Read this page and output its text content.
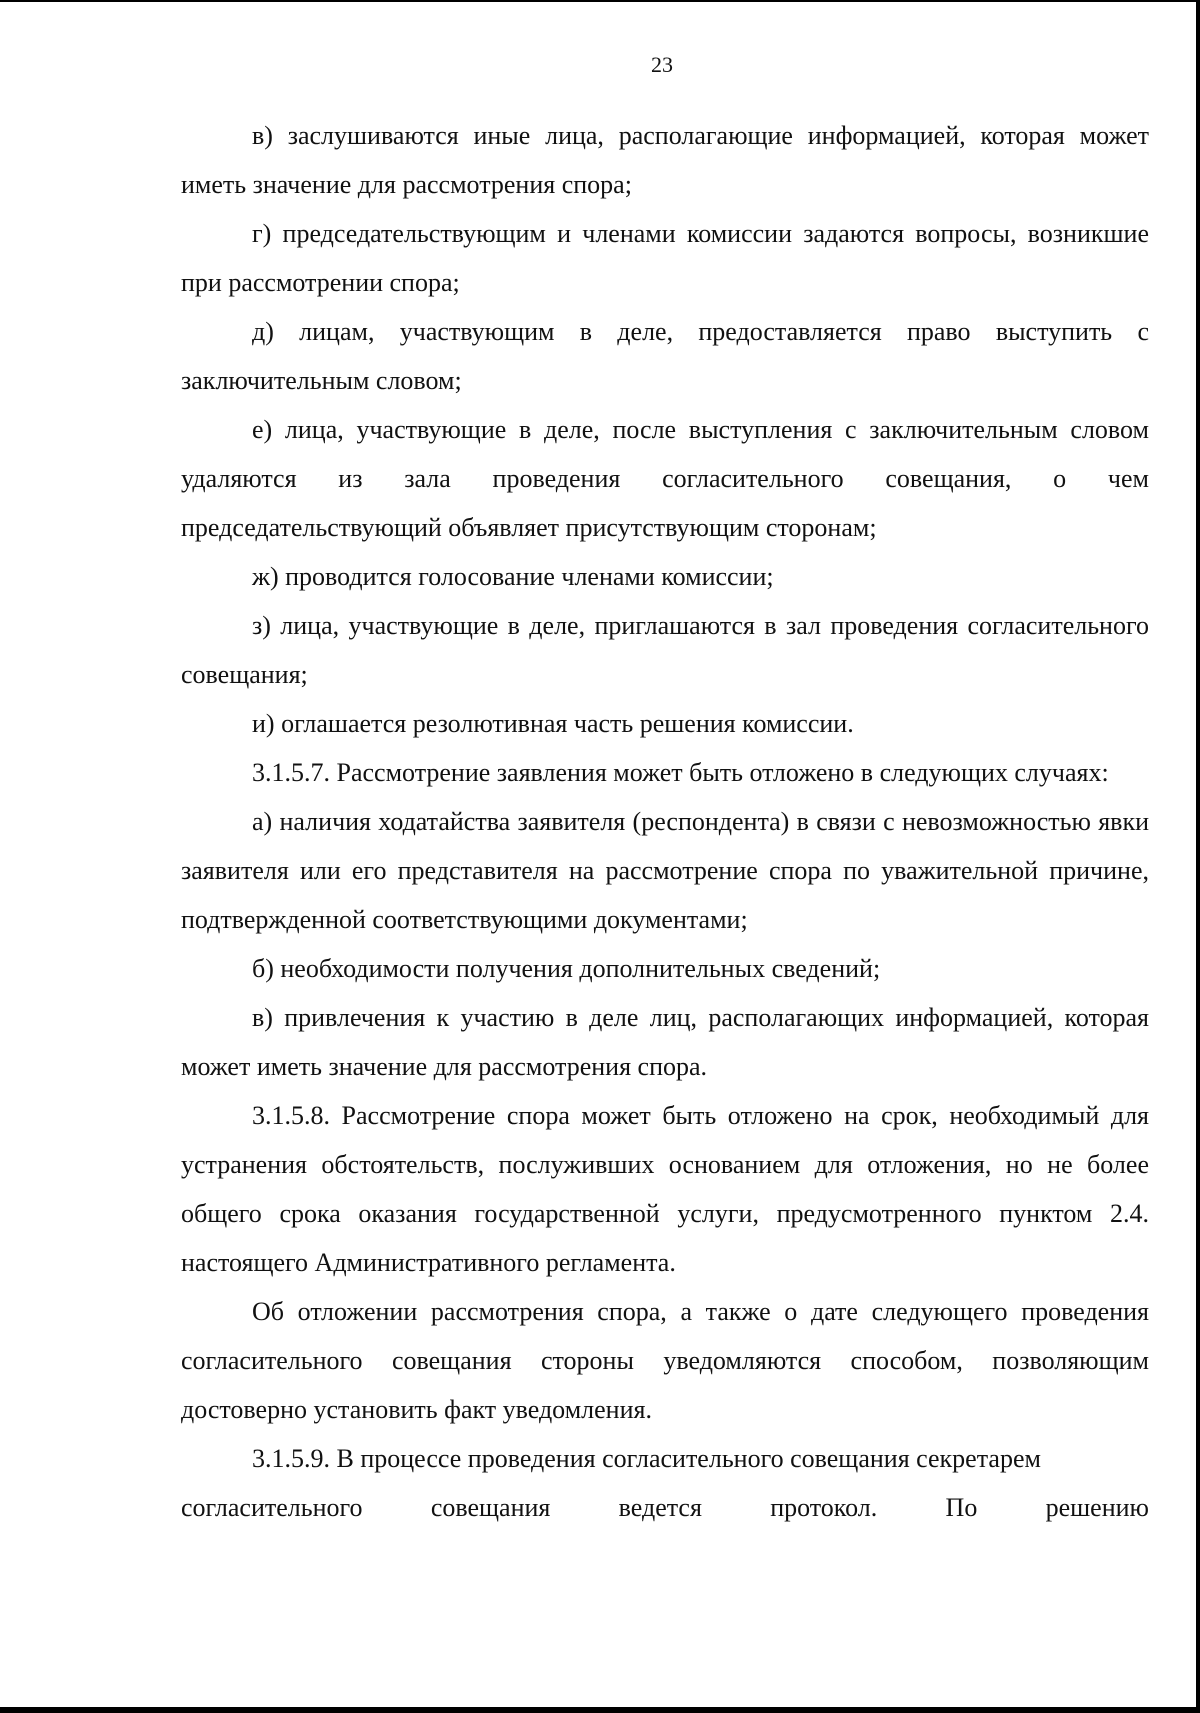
23

в) заслушиваются иные лица, располагающие информацией, которая может иметь значение для рассмотрения спора;

г) председательствующим и членами комиссии задаются вопросы, возникшие при рассмотрении спора;

д) лицам, участвующим в деле, предоставляется право выступить с заключительным словом;

е) лица, участвующие в деле, после выступления с заключительным словом удаляются из зала проведения согласительного совещания, о чем председательствующий объявляет присутствующим сторонам;

ж) проводится голосование членами комиссии;

з) лица, участвующие в деле, приглашаются в зал проведения согласительного совещания;

и) оглашается резолютивная часть решения комиссии.

3.1.5.7. Рассмотрение заявления может быть отложено в следующих случаях:

а) наличия ходатайства заявителя (респондента) в связи с невозможностью явки заявителя или его представителя на рассмотрение спора по уважительной причине, подтвержденной соответствующими документами;

б) необходимости получения дополнительных сведений;

в) привлечения к участию в деле лиц, располагающих информацией, которая может иметь значение для рассмотрения спора.

3.1.5.8. Рассмотрение спора может быть отложено на срок, необходимый для устранения обстоятельств, послуживших основанием для отложения, но не более общего срока оказания государственной услуги, предусмотренного пунктом 2.4. настоящего Административного регламента.

Об отложении рассмотрения спора, а также о дате следующего проведения согласительного совещания стороны уведомляются способом, позволяющим достоверно установить факт уведомления.

3.1.5.9. В процессе проведения согласительного совещания секретарем

согласительного	совещания	ведется	протокол.	По	решению
